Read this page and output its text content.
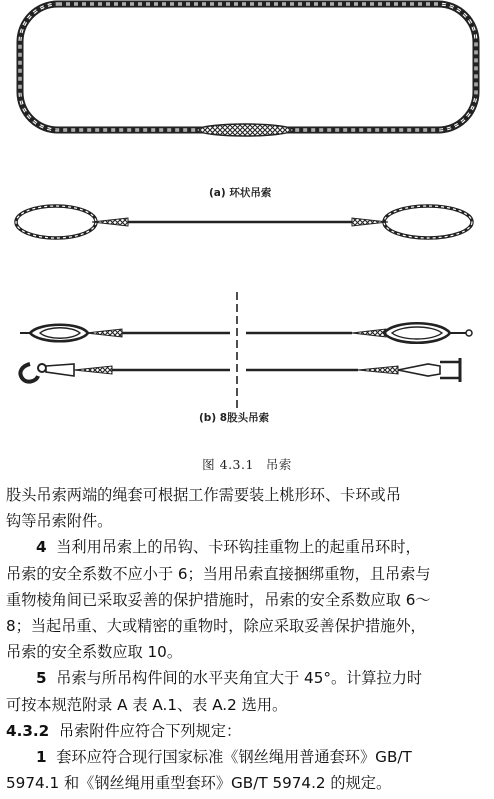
(a) 环状吊索
(b) 8股头吊索
图 4.3.1 吊索

股头吊索两端的绳套可根据工作需要装上桃形环、卡环或吊

钩等吊索附件。

4 当利用吊索上的吊钩、卡环钩挂重物上的起重吊环时，

吊索的安全系数不应小于 6；当用吊索直接捆绑重物，且吊索与

重物棱角间已采取妥善的保护措施时，吊索的安全系数应取 6～

8；当起吊重、大或精密的重物时，除应采取妥善保护措施外，

吊索的安全系数应取 10。

5 吊索与所吊构件间的水平夹角宜大于 45°。计算拉力时

可按本规范附录 A 表 A.1、表 A.2 选用。

4.3.2 吊索附件应符合下列规定：

1 套环应符合现行国家标准《钢丝绳用普通套环》GB/T

5974.1 和《钢丝绳用重型套环》GB/T 5974.2 的规定。
